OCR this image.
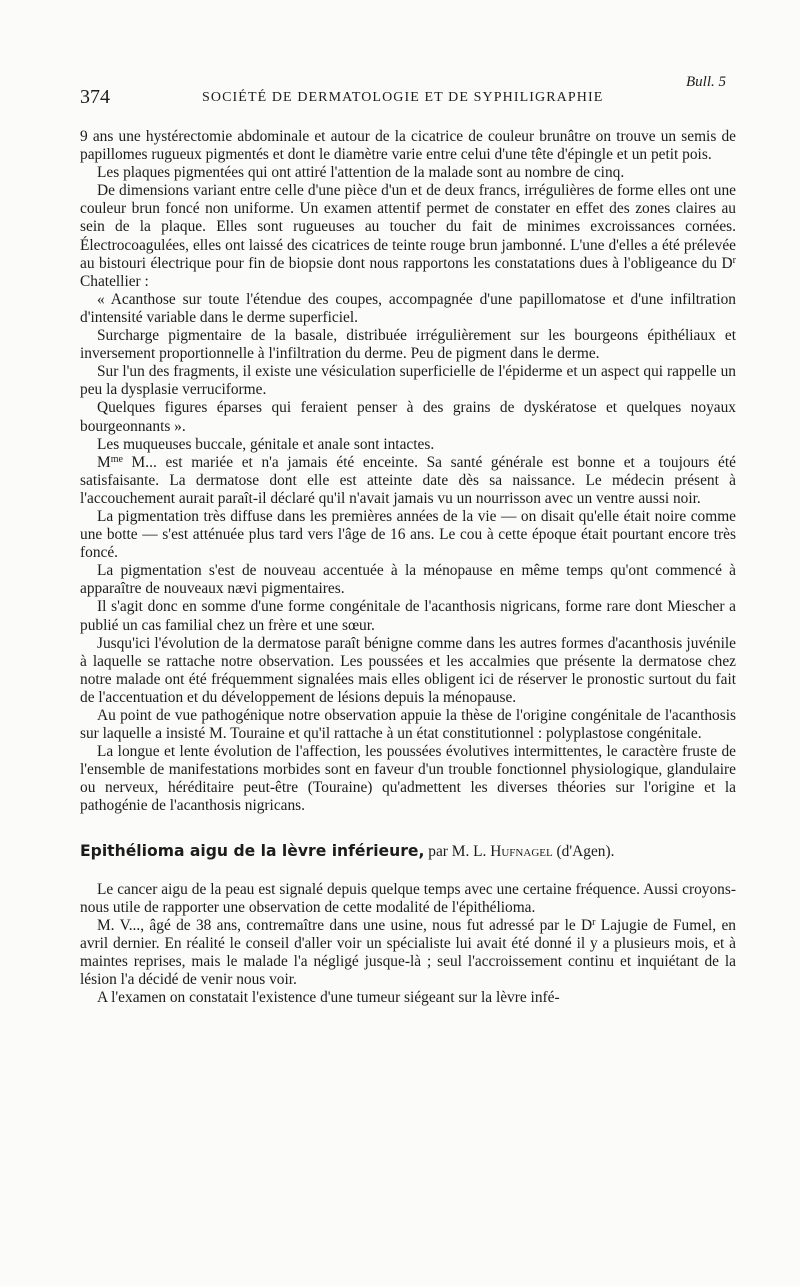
Bull. 5
374	SOCIÉTÉ DE DERMATOLOGIE ET DE SYPHILIGRAPHIE

9 ans une hystérectomie abdominale et autour de la cicatrice de couleur brunâtre on trouve un semis de papillomes rugueux pigmentés et dont le diamètre varie entre celui d'une tête d'épingle et un petit pois.

Les plaques pigmentées qui ont attiré l'attention de la malade sont au nombre de cinq.

De dimensions variant entre celle d'une pièce d'un et de deux francs, irrégulières de forme elles ont une couleur brun foncé non uniforme. Un examen attentif permet de constater en effet des zones claires au sein de la plaque. Elles sont rugueuses au toucher du fait de minimes excroissances cornées. Électrocoagulées, elles ont laissé des cicatrices de teinte rouge brun jambonné. L'une d'elles a été prélevée au bistouri électrique pour fin de biopsie dont nous rapportons les constatations dues à l'obligeance du $D^r$ Chatellier :

« Acanthose sur toute l'étendue des coupes, accompagnée d'une papillomatose et d'une infiltration d'intensité variable dans le derme superficiel.

Surcharge pigmentaire de la basale, distribuée irrégulièrement sur les bourgeons épithéliaux et inversement proportionnelle à l'infiltration du derme. Peu de pigment dans le derme.

Sur l'un des fragments, il existe une vésiculation superficielle de l'épiderme et un aspect qui rappelle un peu la dysplasie verruciforme.

Quelques figures éparses qui feraient penser à des grains de dyskératose et quelques noyaux bourgeonnants ».

Les muqueuses buccale, génitale et anale sont intactes.

$M^{me}$ M... est mariée et n'a jamais été enceinte. Sa santé générale est bonne et a toujours été satisfaisante. La dermatose dont elle est atteinte date dès sa naissance. Le médecin présent à l'accouchement aurait paraît-il déclaré qu'il n'avait jamais vu un nourrisson avec un ventre aussi noir.

La pigmentation très diffuse dans les premières années de la vie — on disait qu'elle était noire comme une botte — s'est atténuée plus tard vers l'âge de 16 ans. Le cou à cette époque était pourtant encore très foncé.

La pigmentation s'est de nouveau accentuée à la ménopause en même temps qu'ont commencé à apparaître de nouveaux nævi pigmentaires.

Il s'agit donc en somme d'une forme congénitale de l'acanthosis nigricans, forme rare dont Miescher a publié un cas familial chez un frère et une sœur.

Jusqu'ici l'évolution de la dermatose paraît bénigne comme dans les autres formes d'acanthosis juvénile à laquelle se rattache notre observation. Les poussées et les accalmies que présente la dermatose chez notre malade ont été fréquemment signalées mais elles obligent ici de réserver le pronostic surtout du fait de l'accentuation et du développement de lésions depuis la ménopause.

Au point de vue pathogénique notre observation appuie la thèse de l'origine congénitale de l'acanthosis sur laquelle a insisté M. Touraine et qu'il rattache à un état constitutionnel : polyplastose congénitale.

La longue et lente évolution de l'affection, les poussées évolutives intermittentes, le caractère fruste de l'ensemble de manifestations morbides sont en faveur d'un trouble fonctionnel physiologique, glandulaire ou nerveux, héréditaire peut-être (Touraine) qu'admettent les diverses théories sur l'origine et la pathogénie de l'acanthosis nigricans.

Epithélioma aigu de la lèvre inférieure, par M. L. Hufnagel (d'Agen).

Le cancer aigu de la peau est signalé depuis quelque temps avec une certaine fréquence. Aussi croyons-nous utile de rapporter une observation de cette modalité de l'épithélioma.

M. V..., âgé de 38 ans, contremaître dans une usine, nous fut adressé par le $D^r$ Lajugie de Fumel, en avril dernier. En réalité le conseil d'aller voir un spécialiste lui avait été donné il y a plusieurs mois, et à maintes reprises, mais le malade l'a négligé jusque-là ; seul l'accroissement continu et inquiétant de la lésion l'a décidé de venir nous voir.

A l'examen on constatait l'existence d'une tumeur siégeant sur la lèvre infé-
